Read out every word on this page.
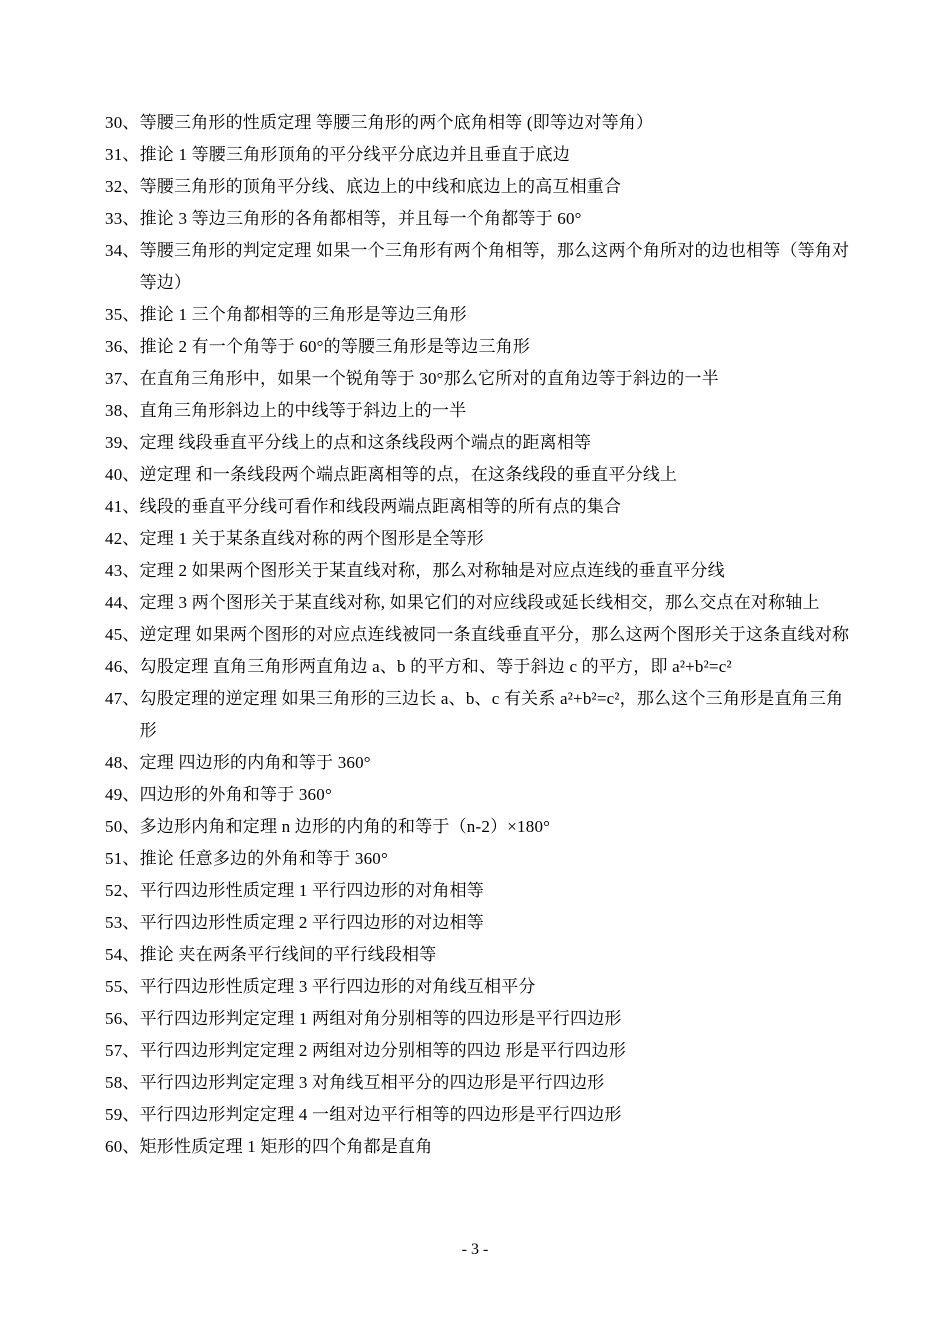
30、 等腰三角形的性质定理 等腰三角形的两个底角相等 (即等边对等角）
31、 推论 1 等腰三角形顶角的平分线平分底边并且垂直于底边
32、 等腰三角形的顶角平分线、底边上的中线和底边上的高互相重合
33、 推论 3 等边三角形的各角都相等，并且每一个角都等于 60°
34、 等腰三角形的判定定理 如果一个三角形有两个角相等，那么这两个角所对的边也相等（等角对等边）
35、 推论 1 三个角都相等的三角形是等边三角形
36、 推论 2 有一个角等于 60°的等腰三角形是等边三角形
37、 在直角三角形中，如果一个锐角等于 30°那么它所对的直角边等于斜边的一半
38、 直角三角形斜边上的中线等于斜边上的一半
39、 定理 线段垂直平分线上的点和这条线段两个端点的距离相等
40、 逆定理 和一条线段两个端点距离相等的点，在这条线段的垂直平分线上
41、 线段的垂直平分线可看作和线段两端点距离相等的所有点的集合
42、 定理 1 关于某条直线对称的两个图形是全等形
43、 定理 2 如果两个图形关于某直线对称，那么对称轴是对应点连线的垂直平分线
44、 定理 3 两个图形关于某直线对称, 如果它们的对应线段或延长线相交，那么交点在对称轴上
45、 逆定理 如果两个图形的对应点连线被同一条直线垂直平分，那么这两个图形关于这条直线对称
46、 勾股定理 直角三角形两直角边 a、b 的平方和、等于斜边 c 的平方，即 a²+b²=c²
47、 勾股定理的逆定理 如果三角形的三边长 a、b、c 有关系 a²+b²=c²，那么这个三角形是直角三角形
48、 定理 四边形的内角和等于 360°
49、 四边形的外角和等于 360°
50、 多边形内角和定理 n 边形的内角的和等于（n-2）×180°
51、 推论 任意多边的外角和等于 360°
52、 平行四边形性质定理 1 平行四边形的对角相等
53、 平行四边形性质定理 2 平行四边形的对边相等
54、 推论 夹在两条平行线间的平行线段相等
55、 平行四边形性质定理 3 平行四边形的对角线互相平分
56、 平行四边形判定定理 1 两组对角分别相等的四边形是平行四边形
57、 平行四边形判定定理 2 两组对边分别相等的四边 形是平行四边形
58、 平行四边形判定定理 3 对角线互相平分的四边形是平行四边形
59、 平行四边形判定定理 4 一组对边平行相等的四边形是平行四边形
60、 矩形性质定理 1 矩形的四个角都是直角
- 3 -
